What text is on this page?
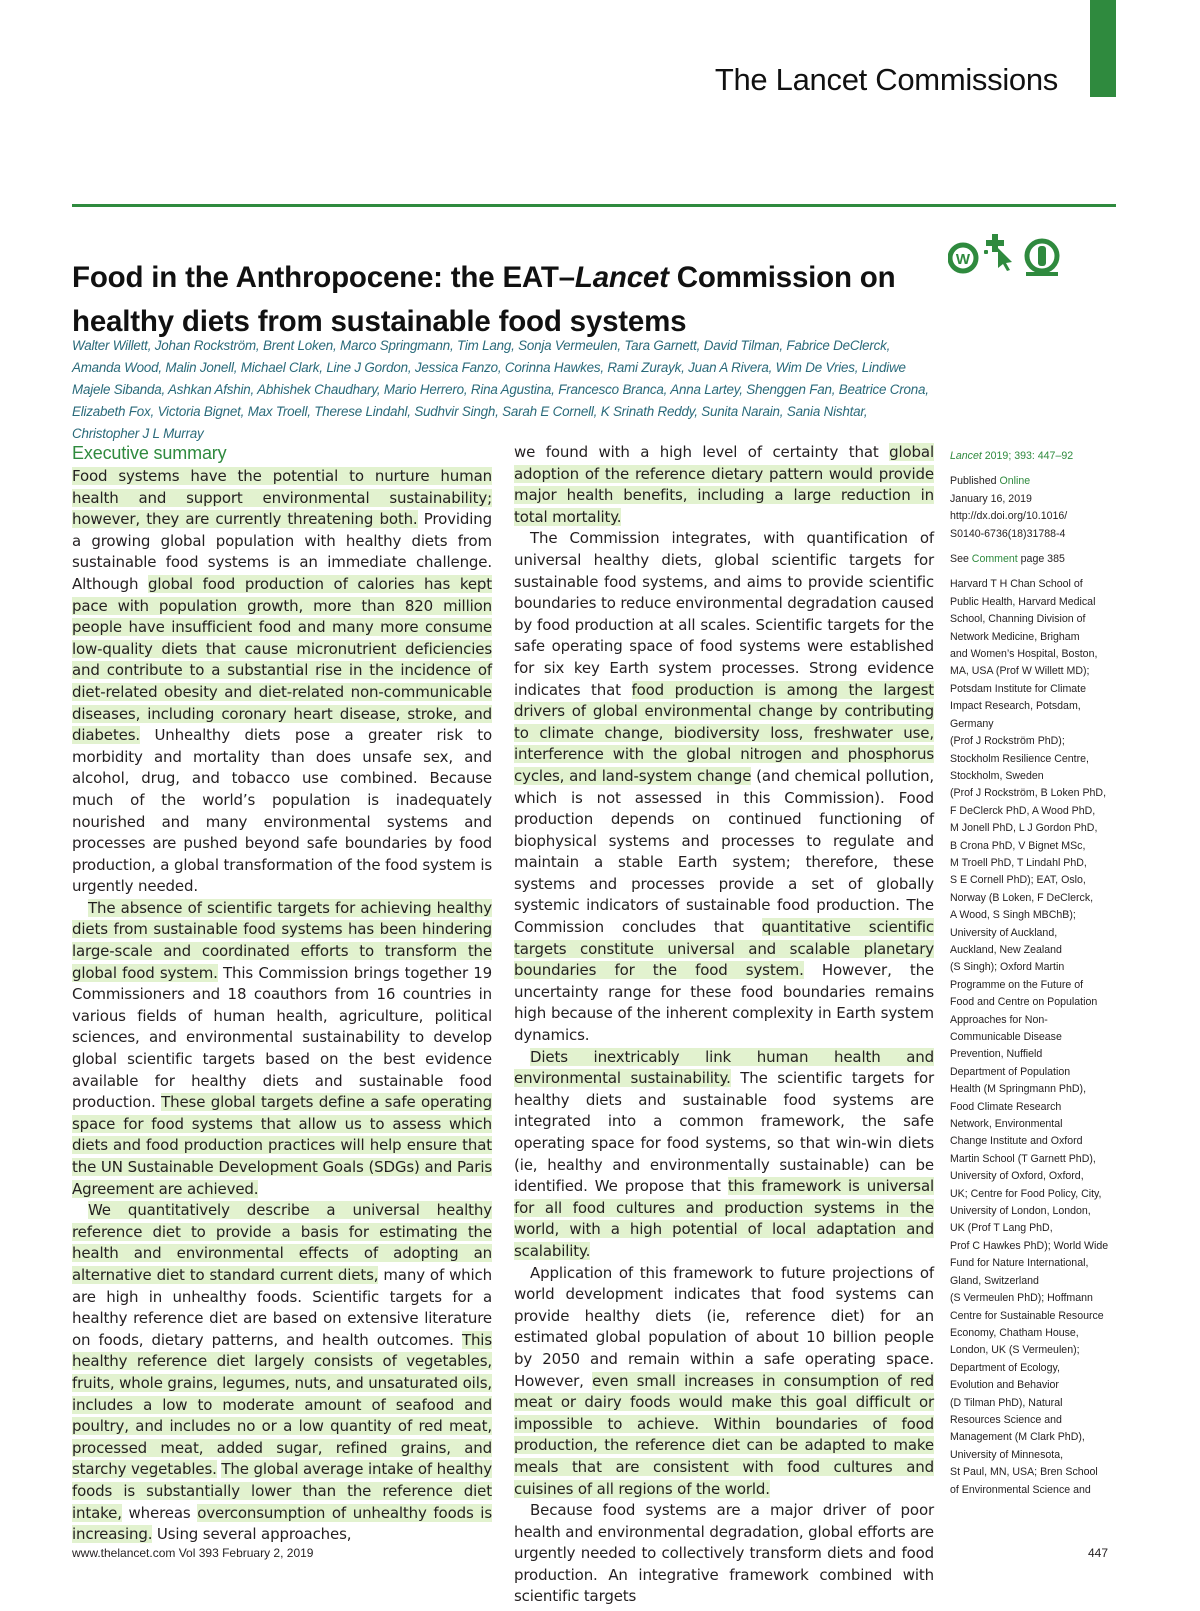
The Lancet Commissions
Food in the Anthropocene: the EAT–Lancet Commission on healthy diets from sustainable food systems
W
Walter Willett, Johan Rockström, Brent Loken, Marco Springmann, Tim Lang, Sonja Vermeulen, Tara Garnett, David Tilman, Fabrice DeClerck, Amanda Wood, Malin Jonell, Michael Clark, Line J Gordon, Jessica Fanzo, Corinna Hawkes, Rami Zurayk, Juan A Rivera, Wim De Vries, Lindiwe Majele Sibanda, Ashkan Afshin, Abhishek Chaudhary, Mario Herrero, Rina Agustina, Francesco Branca, Anna Lartey, Shenggen Fan, Beatrice Crona, Elizabeth Fox, Victoria Bignet, Max Troell, Therese Lindahl, Sudhvir Singh, Sarah E Cornell, K Srinath Reddy, Sunita Narain, Sania Nishtar, Christopher J L Murray
Executive summary

Food systems have the potential to nurture human health and support environmental sustainability; however, they are currently threatening both. Providing a growing global population with healthy diets from sustainable food systems is an immediate challenge. Although global food production of calories has kept pace with population growth, more than 820 million people have insufficient food and many more consume low-quality diets that cause micronutrient deficiencies and contribute to a substantial rise in the incidence of diet-related obesity and diet-related non-communicable diseases, including coronary heart disease, stroke, and diabetes. Unhealthy diets pose a greater risk to morbidity and mortality than does unsafe sex, and alcohol, drug, and tobacco use combined. Because much of the world’s population is inadequately nourished and many environmental systems and processes are pushed beyond safe boundaries by food production, a global transformation of the food system is urgently needed.

The absence of scientific targets for achieving healthy diets from sustainable food systems has been hindering large-scale and coordinated efforts to transform the global food system. This Commission brings together 19 Commissioners and 18 coauthors from 16 countries in various fields of human health, agriculture, political sciences, and environmental sustainability to develop global scientific targets based on the best evidence available for healthy diets and sustainable food production. These global targets define a safe operating space for food systems that allow us to assess which diets and food production practices will help ensure that the UN Sustainable Development Goals (SDGs) and Paris Agreement are achieved.

We quantitatively describe a universal healthy reference diet to provide a basis for estimating the health and environmental effects of adopting an alternative diet to standard current diets, many of which are high in unhealthy foods. Scientific targets for a healthy reference diet are based on extensive literature on foods, dietary patterns, and health outcomes. This healthy reference diet largely consists of vegetables, fruits, whole grains, legumes, nuts, and unsaturated oils, includes a low to moderate amount of seafood and poultry, and includes no or a low quantity of red meat, processed meat, added sugar, refined grains, and starchy vegetables. The global average intake of healthy foods is substantially lower than the reference diet intake, whereas overconsumption of unhealthy foods is increasing. Using several approaches,

we found with a high level of certainty that global adoption of the reference dietary pattern would provide major health benefits, including a large reduction in total mortality.

The Commission integrates, with quantification of universal healthy diets, global scientific targets for sustainable food systems, and aims to provide scientific boundaries to reduce environmental degradation caused by food production at all scales. Scientific targets for the safe operating space of food systems were established for six key Earth system processes. Strong evidence indicates that food production is among the largest drivers of global environmental change by contributing to climate change, biodiversity loss, freshwater use, interference with the global nitrogen and phosphorus cycles, and land-system change (and chemical pollution, which is not assessed in this Commission). Food production depends on continued functioning of biophysical systems and processes to regulate and maintain a stable Earth system; therefore, these systems and processes provide a set of globally systemic indicators of sustainable food production. The Commission concludes that quantitative scientific targets constitute universal and scalable planetary boundaries for the food system. However, the uncertainty range for these food boundaries remains high because of the inherent complexity in Earth system dynamics.

Diets inextricably link human health and environmental sustainability. The scientific targets for healthy diets and sustainable food systems are integrated into a common framework, the safe operating space for food systems, so that win-win diets (ie, healthy and environmentally sustainable) can be identified. We propose that this framework is universal for all food cultures and production systems in the world, with a high potential of local adaptation and scalability.

Application of this framework to future projections of world development indicates that food systems can provide healthy diets (ie, reference diet) for an estimated global population of about 10 billion people by 2050 and remain within a safe operating space. However, even small increases in consumption of red meat or dairy foods would make this goal difficult or impossible to achieve. Within boundaries of food production, the reference diet can be adapted to make meals that are consistent with food cultures and cuisines of all regions of the world.

Because food systems are a major driver of poor health and environmental degradation, global efforts are urgently needed to collectively transform diets and food production. An integrative framework combined with scientific targets

Lancet 2019; 393: 447–92
Published Online
January 16, 2019
http://dx.doi.org/10.1016/
S0140-6736(18)31788-4
See Comment page 385
Harvard T H Chan School of
Public Health, Harvard Medical
School, Channing Division of
Network Medicine, Brigham
and Women’s Hospital, Boston,
MA, USA (Prof W Willett MD);
Potsdam Institute for Climate
Impact Research, Potsdam,
Germany
(Prof J Rockström PhD);
Stockholm Resilience Centre,
Stockholm, Sweden
(Prof J Rockström, B Loken PhD,
F DeClerck PhD, A Wood PhD,
M Jonell PhD, L J Gordon PhD,
B Crona PhD, V Bignet MSc,
M Troell PhD, T Lindahl PhD,
S E Cornell PhD); EAT, Oslo,
Norway (B Loken, F DeClerck,
A Wood, S Singh MBChB);
University of Auckland,
Auckland, New Zealand
(S Singh); Oxford Martin
Programme on the Future of
Food and Centre on Population
Approaches for Non-
Communicable Disease
Prevention, Nuffield
Department of Population
Health (M Springmann PhD),
Food Climate Research
Network, Environmental
Change Institute and Oxford
Martin School (T Garnett PhD),
University of Oxford, Oxford,
UK; Centre for Food Policy, City,
University of London, London,
UK (Prof T Lang PhD,
Prof C Hawkes PhD); World Wide
Fund for Nature International,
Gland, Switzerland
(S Vermeulen PhD); Hoffmann
Centre for Sustainable Resource
Economy, Chatham House,
London, UK (S Vermeulen);
Department of Ecology,
Evolution and Behavior
(D Tilman PhD), Natural
Resources Science and
Management (M Clark PhD),
University of Minnesota,
St Paul, MN, USA; Bren School
of Environmental Science and
www.thelancet.com Vol 393 February 2, 2019	447
